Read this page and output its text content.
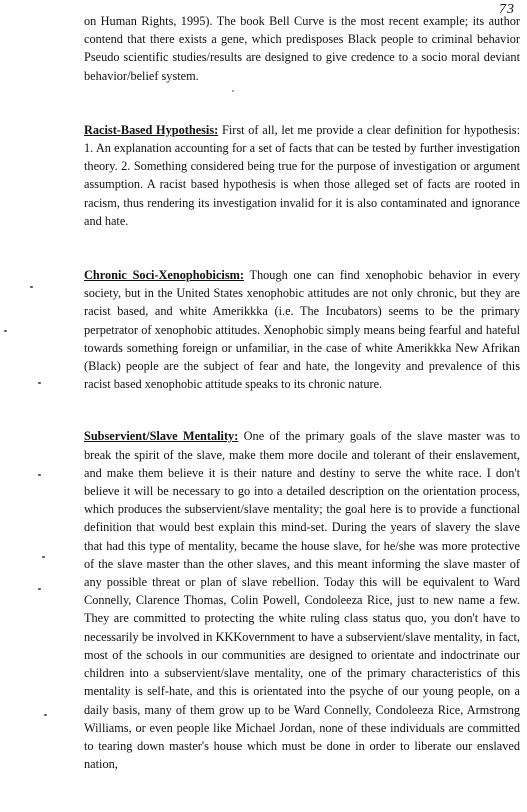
73

on Human Rights, 1995). The book Bell Curve is the most recent example; its author contend that there exists a gene, which predisposes Black people to criminal behavior Pseudo scientific studies/results are designed to give credence to a socio moral deviant behavior/belief system.

Racist-Based Hypothesis: First of all, let me provide a clear definition for hypothesis: 1. An explanation accounting for a set of facts that can be tested by further investigation theory. 2. Something considered being true for the purpose of investigation or argument assumption. A racist based hypothesis is when those alleged set of facts are rooted in racism, thus rendering its investigation invalid for it is also contaminated and ignorance and hate.

Chronic Soci-Xenophobicism: Though one can find xenophobic behavior in every society, but in the United States xenophobic attitudes are not only chronic, but they are racist based, and white Amerikkka (i.e. The Incubators) seems to be the primary perpetrator of xenophobic attitudes. Xenophobic simply means being fearful and hateful towards something foreign or unfamiliar, in the case of white Amerikkka New Afrikan (Black) people are the subject of fear and hate, the longevity and prevalence of this racist based xenophobic attitude speaks to its chronic nature.

Subservient/Slave Mentality: One of the primary goals of the slave master was to break the spirit of the slave, make them more docile and tolerant of their enslavement, and make them believe it is their nature and destiny to serve the white race. I don't believe it will be necessary to go into a detailed description on the orientation process, which produces the subservient/slave mentality; the goal here is to provide a functional definition that would best explain this mind-set. During the years of slavery the slave that had this type of mentality, became the house slave, for he/she was more protective of the slave master than the other slaves, and this meant informing the slave master of any possible threat or plan of slave rebellion. Today this will be equivalent to Ward Connelly, Clarence Thomas, Colin Powell, Condoleeza Rice, just to new name a few. They are committed to protecting the white ruling class status quo, you don't have to necessarily be involved in KKKovernment to have a subservient/slave mentality, in fact, most of the schools in our communities are designed to orientate and indoctrinate our children into a subservient/slave mentality, one of the primary characteristics of this mentality is self-hate, and this is orientated into the psyche of our young people, on a daily basis, many of them grow up to be Ward Connelly, Condoleeza Rice, Armstrong Williams, or even people like Michael Jordan, none of these individuals are committed to tearing down master's house which must be done in order to liberate our enslaved nation,
